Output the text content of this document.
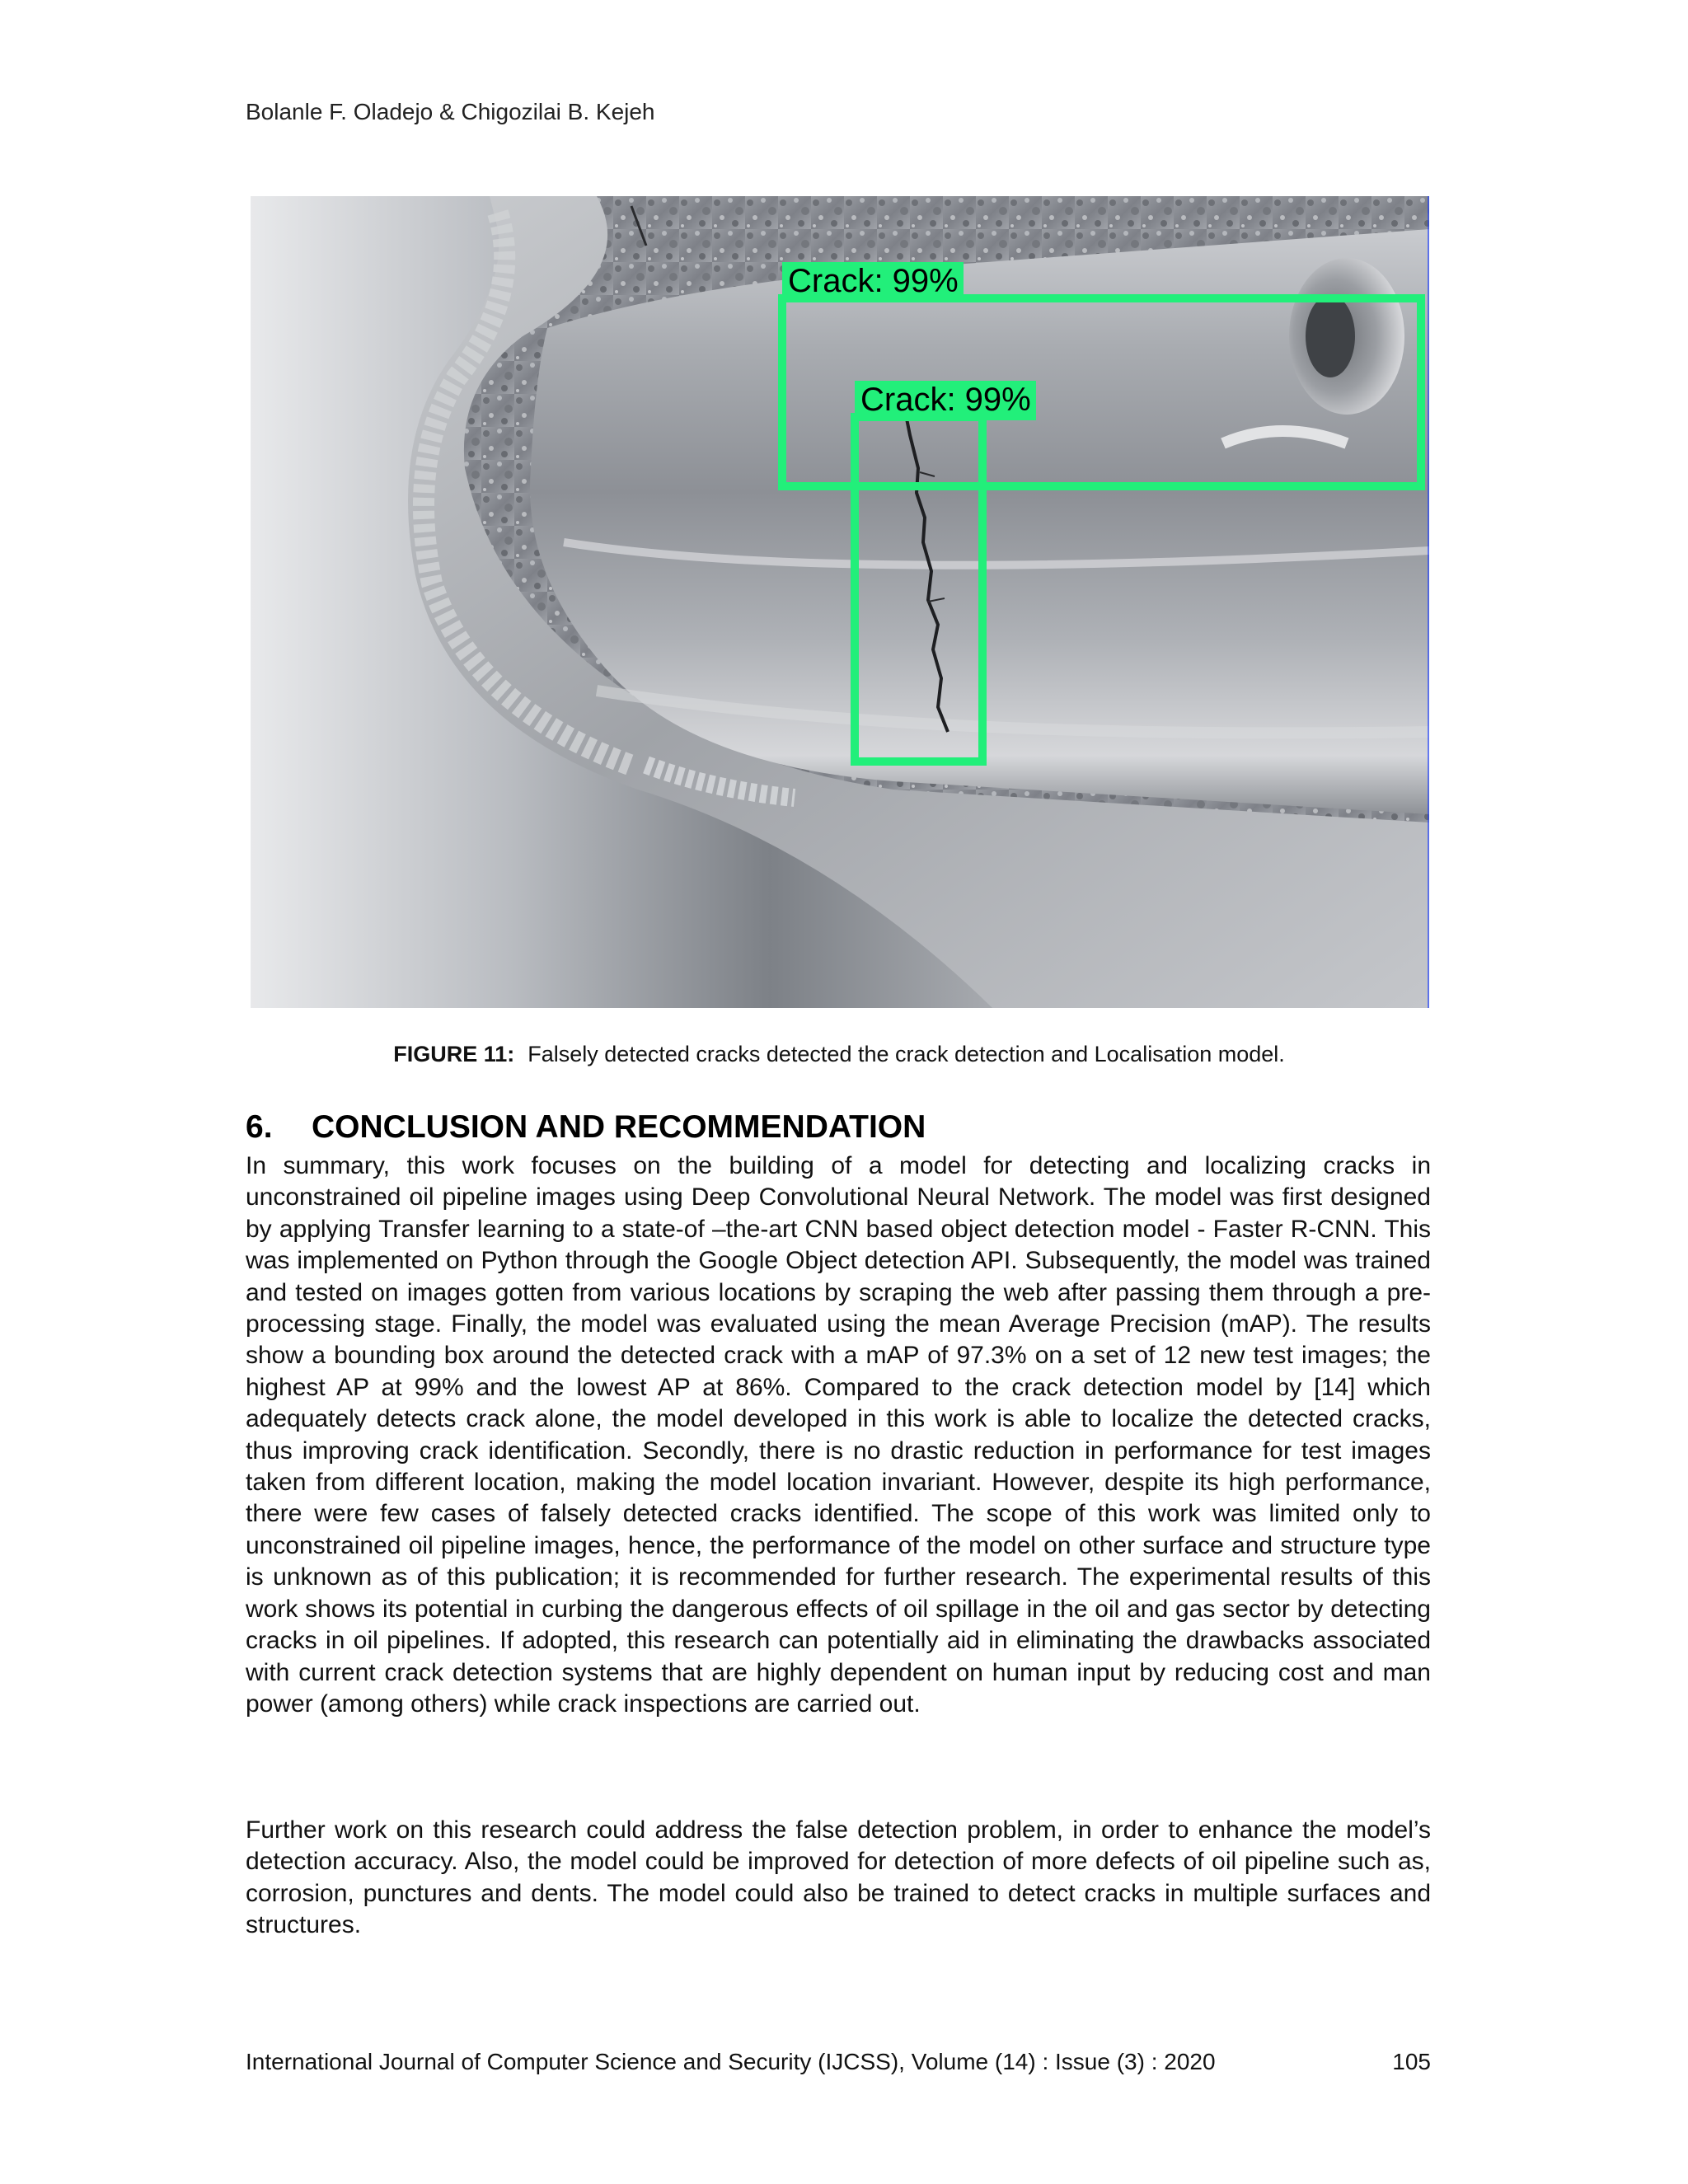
Bolanle F. Oladejo & Chigozilai B. Kejeh
Crack: 99%
Crack: 99%
FIGURE 11: Falsely detected cracks detected the crack detection and Localisation model.
6. CONCLUSION AND RECOMMENDATION

In summary, this work focuses on the building of a model for detecting and localizing cracks in unconstrained oil pipeline images using Deep Convolutional Neural Network. The model was first designed by applying Transfer learning to a state-of –the-art CNN based object detection model - Faster R-CNN. This was implemented on Python through the Google Object detection API. Subsequently, the model was trained and tested on images gotten from various locations by scraping the web after passing them through a pre-processing stage. Finally, the model was evaluated using the mean Average Precision (mAP). The results show a bounding box around the detected crack with a mAP of 97.3% on a set of 12 new test images; the highest AP at 99% and the lowest AP at 86%. Compared to the crack detection model by [14] which adequately detects crack alone, the model developed in this work is able to localize the detected cracks, thus improving crack identification. Secondly, there is no drastic reduction in performance for test images taken from different location, making the model location invariant. However, despite its high performance, there were few cases of falsely detected cracks identified. The scope of this work was limited only to unconstrained oil pipeline images, hence, the performance of the model on other surface and structure type is unknown as of this publication; it is recommended for further research. The experimental results of this work shows its potential in curbing the dangerous effects of oil spillage in the oil and gas sector by detecting cracks in oil pipelines. If adopted, this research can potentially aid in eliminating the drawbacks associated with current crack detection systems that are highly dependent on human input by reducing cost and man power (among others) while crack inspections are carried out.

Further work on this research could address the false detection problem, in order to enhance the model’s detection accuracy. Also, the model could be improved for detection of more defects of oil pipeline such as, corrosion, punctures and dents. The model could also be trained to detect cracks in multiple surfaces and structures.

International Journal of Computer Science and Security (IJCSS), Volume (14) : Issue (3) : 2020	105
